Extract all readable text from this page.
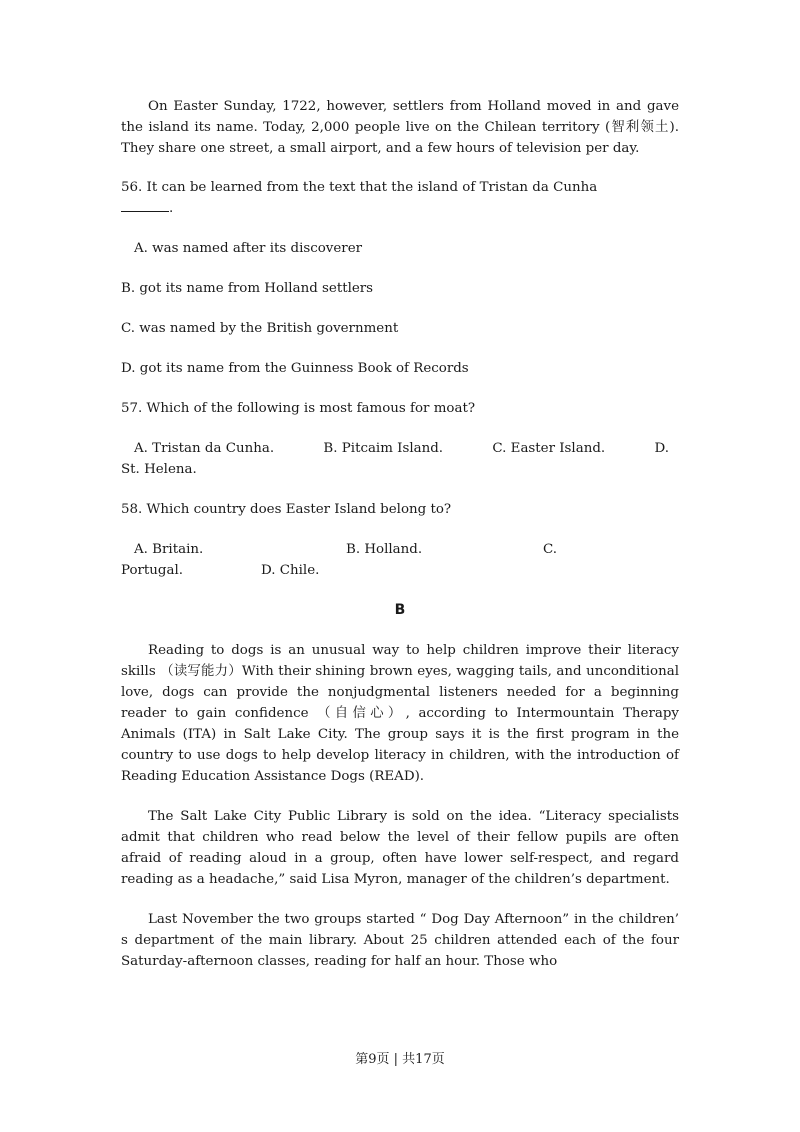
On Easter Sunday, 1722, however, settlers from Holland moved in and gave the island its name. Today, 2,000 people live on the Chilean territory (智利领土). They share one street, a small airport, and a few hours of television per day.

56. It can be learned from the text that the island of Tristan da Cunha
.

A. was named after its discoverer

B. got its name from Holland settlers

C. was named by the British government

D. got its name from the Guinness Book of Records

57. Which of the following is most famous for moat?

A. Tristan da Cunha.	B. Pitcaim Island.	C. Easter Island.	D.
St. Helena.

58. Which country does Easter Island belong to?

A. Britain.	B. Holland.	C.
Portugal.	D. Chile.
B

Reading to dogs is an unusual way to help children improve their literacy skills （读写能力）With their shining brown eyes, wagging tails, and unconditional love, dogs can provide the nonjudgmental listeners needed for a beginning reader to gain confidence （自信心）, according to Intermountain Therapy Animals (ITA) in Salt Lake City. The group says it is the first program in the country to use dogs to help develop literacy in children, with the introduction of Reading Education Assistance Dogs (READ).

The Salt Lake City Public Library is sold on the idea. “Literacy specialists admit that children who read below the level of their fellow pupils are often afraid of reading aloud in a group, often have lower self-respect, and regard reading as a headache,” said Lisa Myron, manager of the children’s department.

Last November the two groups started “ Dog Day Afternoon” in the children’ s department of the main library. About 25 children attended each of the four Saturday-afternoon classes, reading for half an hour. Those who

第9页 | 共17页
